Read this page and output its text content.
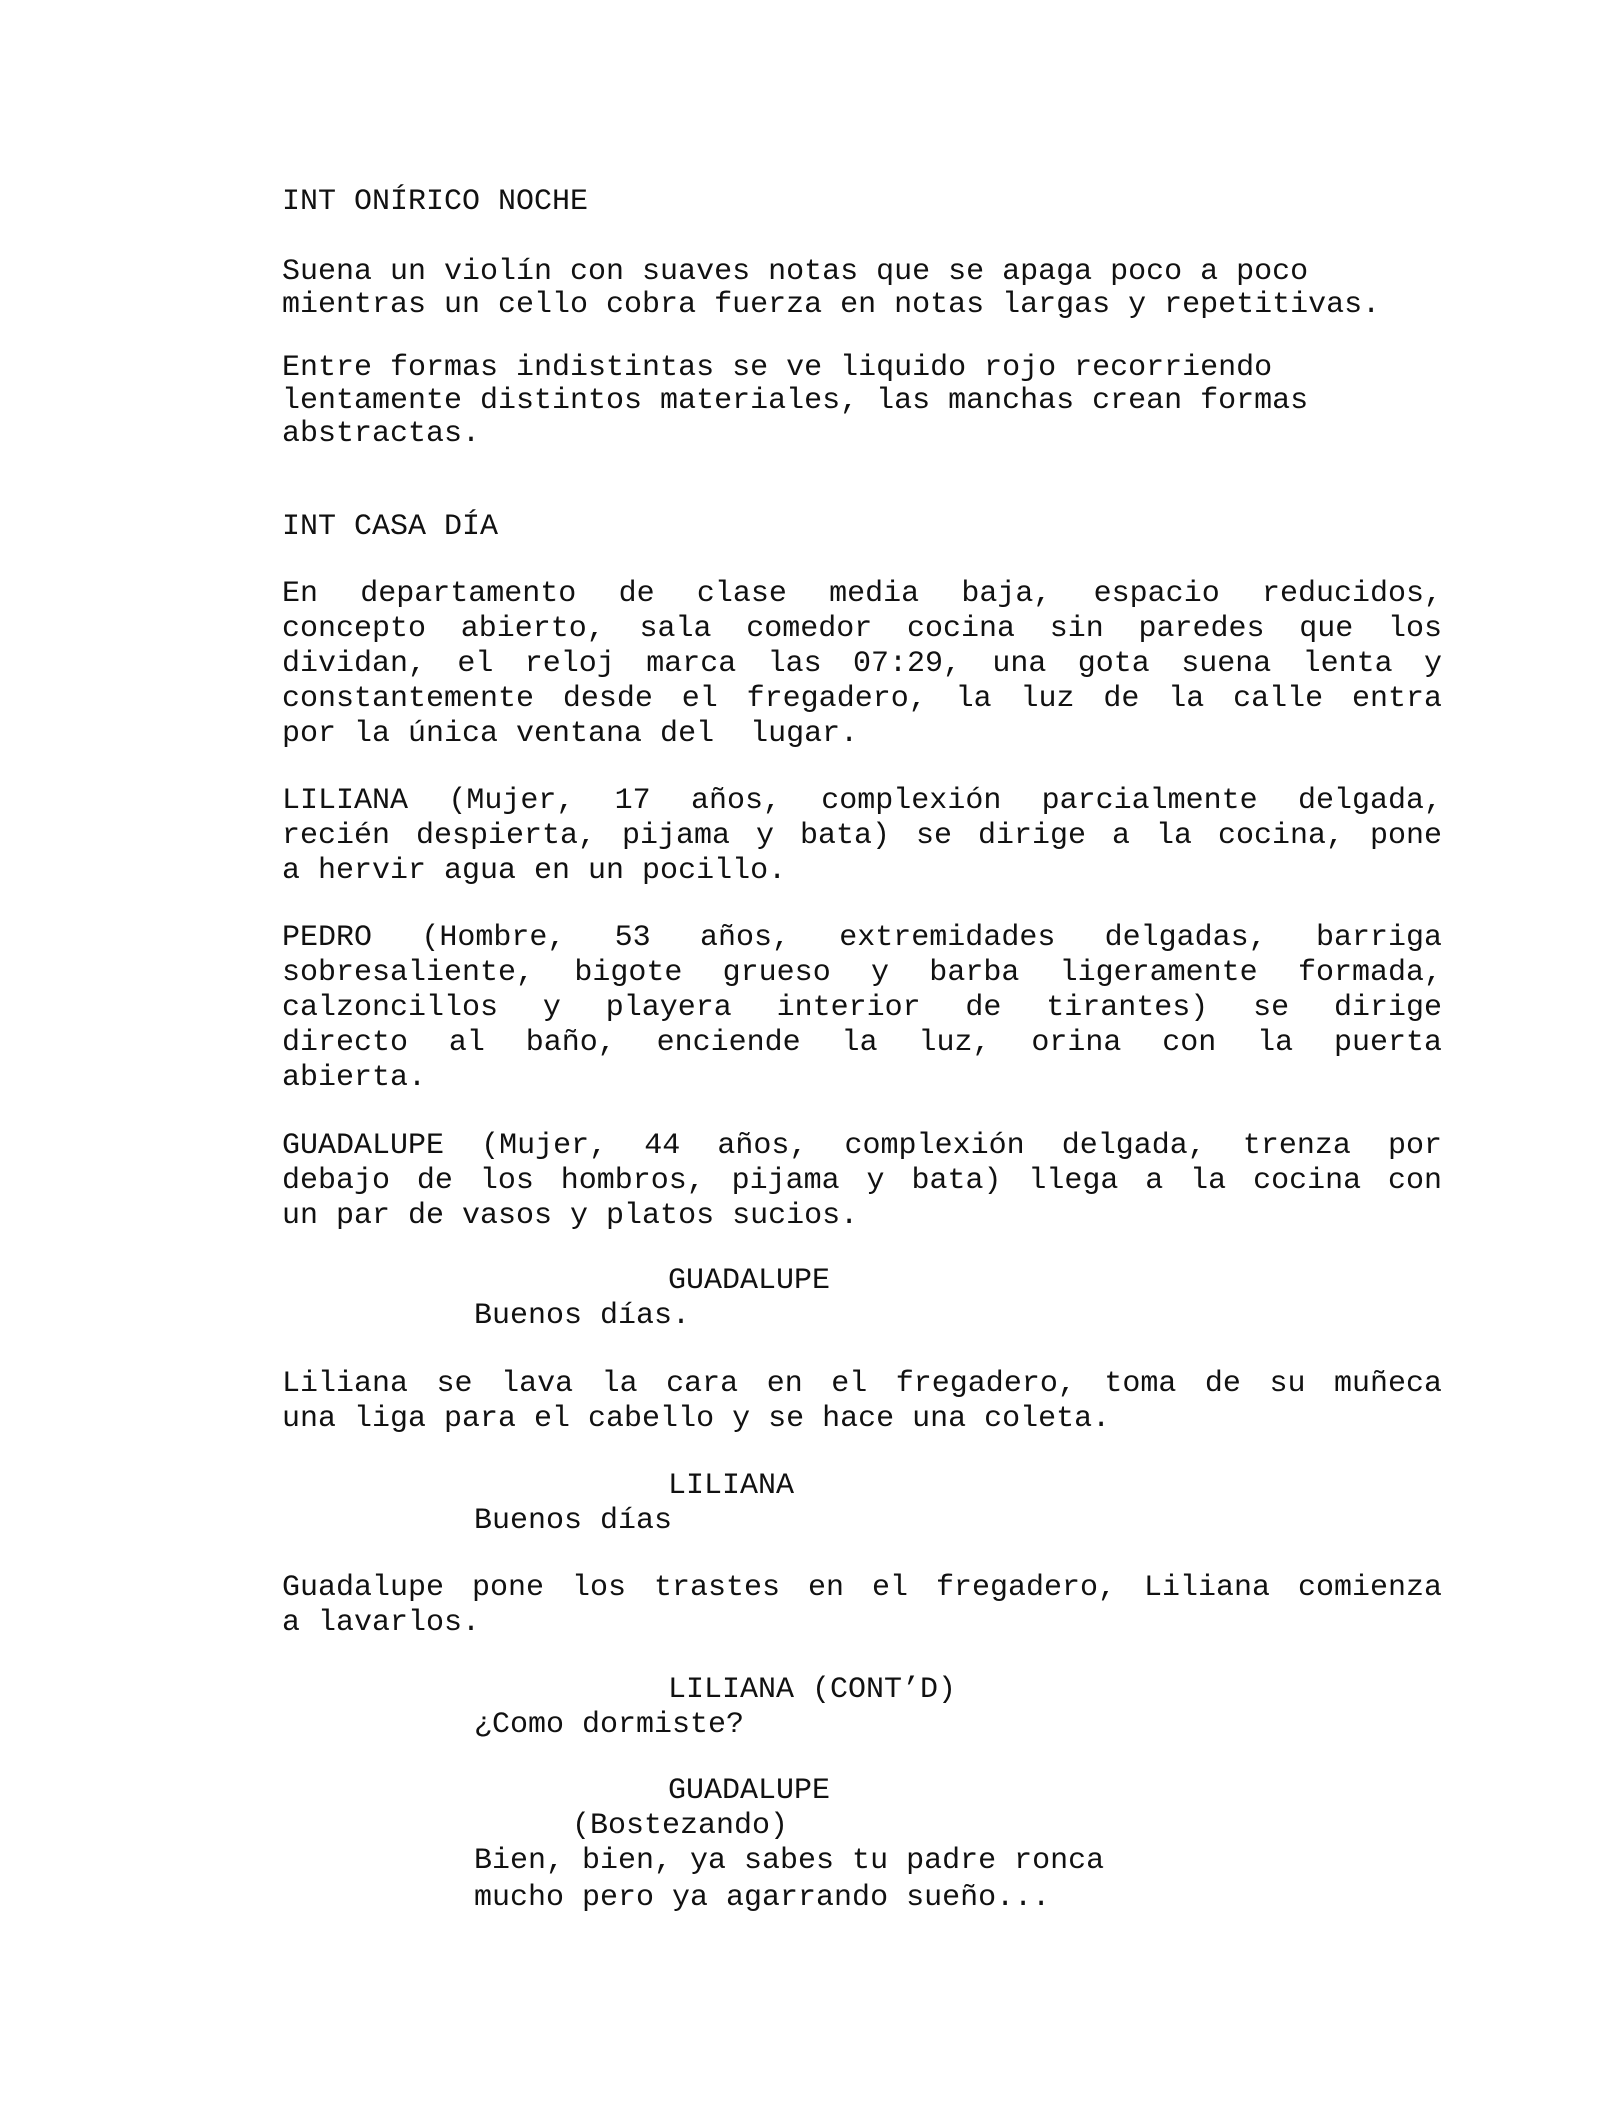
INT ONÍRICO NOCHE
Suena un violín con suaves notas que se apaga poco a poco
mientras un cello cobra fuerza en notas largas y repetitivas.
Entre formas indistintas se ve liquido rojo recorriendo
lentamente distintos materiales, las manchas crean formas
abstractas.
INT CASA DÍA
En departamento de clase media baja, espacio reducidos,
concepto abierto, sala comedor cocina sin paredes que los
dividan, el reloj marca las 07:29, una gota suena lenta y
constantemente desde el fregadero, la luz de la calle entra
por la única ventana del  lugar.
LILIANA (Mujer, 17 años, complexión parcialmente delgada,
recién despierta, pijama y bata) se dirige a la cocina, pone
a hervir agua en un pocillo.
PEDRO (Hombre, 53 años, extremidades delgadas, barriga
sobresaliente, bigote grueso y barba ligeramente formada,
calzoncillos y playera interior de tirantes) se dirige
directo al baño, enciende la luz, orina con la puerta
abierta.
GUADALUPE (Mujer, 44 años, complexión delgada, trenza por
debajo de los hombros, pijama y bata) llega a la cocina con
un par de vasos y platos sucios.
GUADALUPE
Buenos días.
Liliana se lava la cara en el fregadero, toma de su muñeca
una liga para el cabello y se hace una coleta.
LILIANA
Buenos días
Guadalupe pone los trastes en el fregadero, Liliana comienza
a lavarlos.
LILIANA (CONT’D)
¿Como dormiste?
GUADALUPE
(Bostezando)
Bien, bien, ya sabes tu padre ronca
mucho pero ya agarrando sueño...
